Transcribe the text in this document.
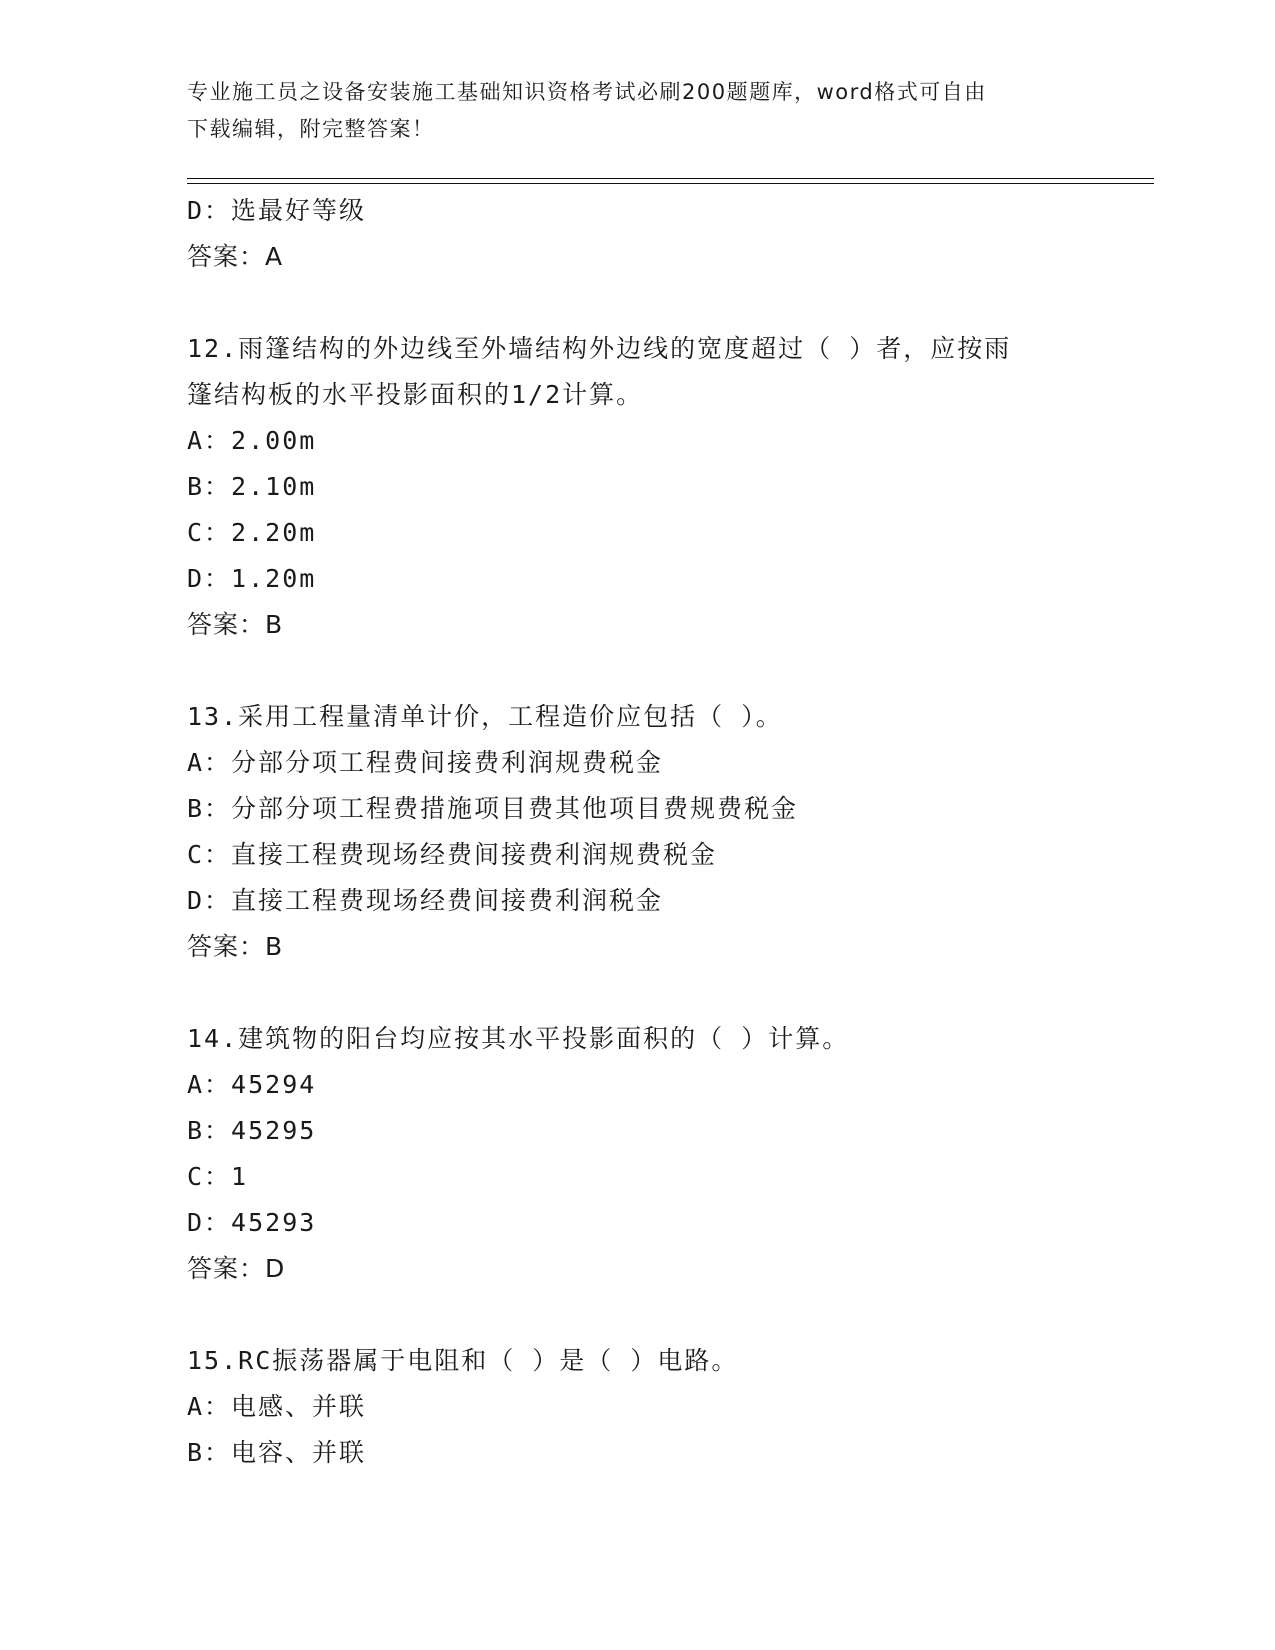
专业施工员之设备安装施工基础知识资格考试必刷200题题库，word格式可自由
下载编辑，附完整答案！
D：选最好等级
答案：A
12.雨篷结构的外边线至外墙结构外边线的宽度超过（ ）者，应按雨
篷结构板的水平投影面积的1/2计算。
A：2.00m
B：2.10m
C：2.20m
D：1.20m
答案：B
13.采用工程量清单计价，工程造价应包括（ ）。
A：分部分项工程费间接费利润规费税金
B：分部分项工程费措施项目费其他项目费规费税金
C：直接工程费现场经费间接费利润规费税金
D：直接工程费现场经费间接费利润税金
答案：B
14.建筑物的阳台均应按其水平投影面积的（ ）计算。
A：45294
B：45295
C：1
D：45293
答案：D
15.RC振荡器属于电阻和（ ）是（ ）电路。
A：电感、并联
B：电容、并联
